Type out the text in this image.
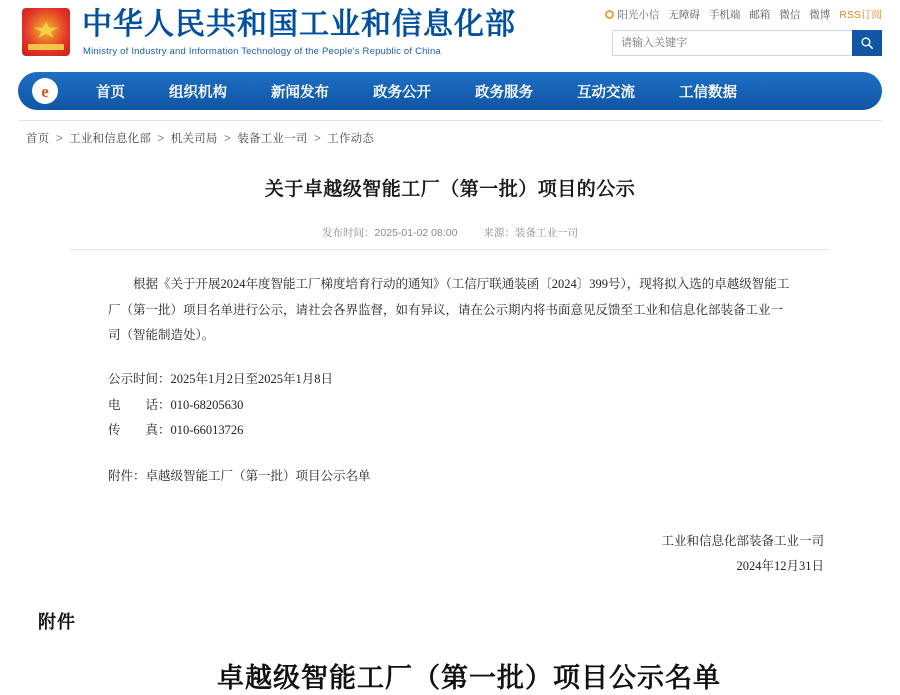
中华人民共和国工业和信息化部
Ministry of Industry and Information Technology of the People's Republic of China
阳光小信 无障碍 手机端 邮箱 微信 微博 RSS订阅
请输入关键字
e	首页	组织机构	新闻发布	政务公开	政务服务	互动交流	工信数据
首页 > 工业和信息化部 > 机关司局 > 装备工业一司 > 工作动态
关于卓越级智能工厂（第一批）项目的公示
发布时间：2025-01-02 08:00 来源：装备工业一司
根据《关于开展2024年度智能工厂梯度培育行动的通知》（工信厅联通装函〔2024〕399号），现将拟入选的卓越级智能工厂（第一批）项目名单进行公示，请社会各界监督，如有异议，请在公示期内将书面意见反馈至工业和信息化部装备工业一司（智能制造处）。
公示时间： 2025年1月2日至2025年1月8日
电　　话： 010-68205630
传　　真： 010-66013726
附件：卓越级智能工厂（第一批）项目公示名单
工业和信息化部装备工业一司
2024年12月31日
附件
卓越级智能工厂（第一批）项目公示名单
